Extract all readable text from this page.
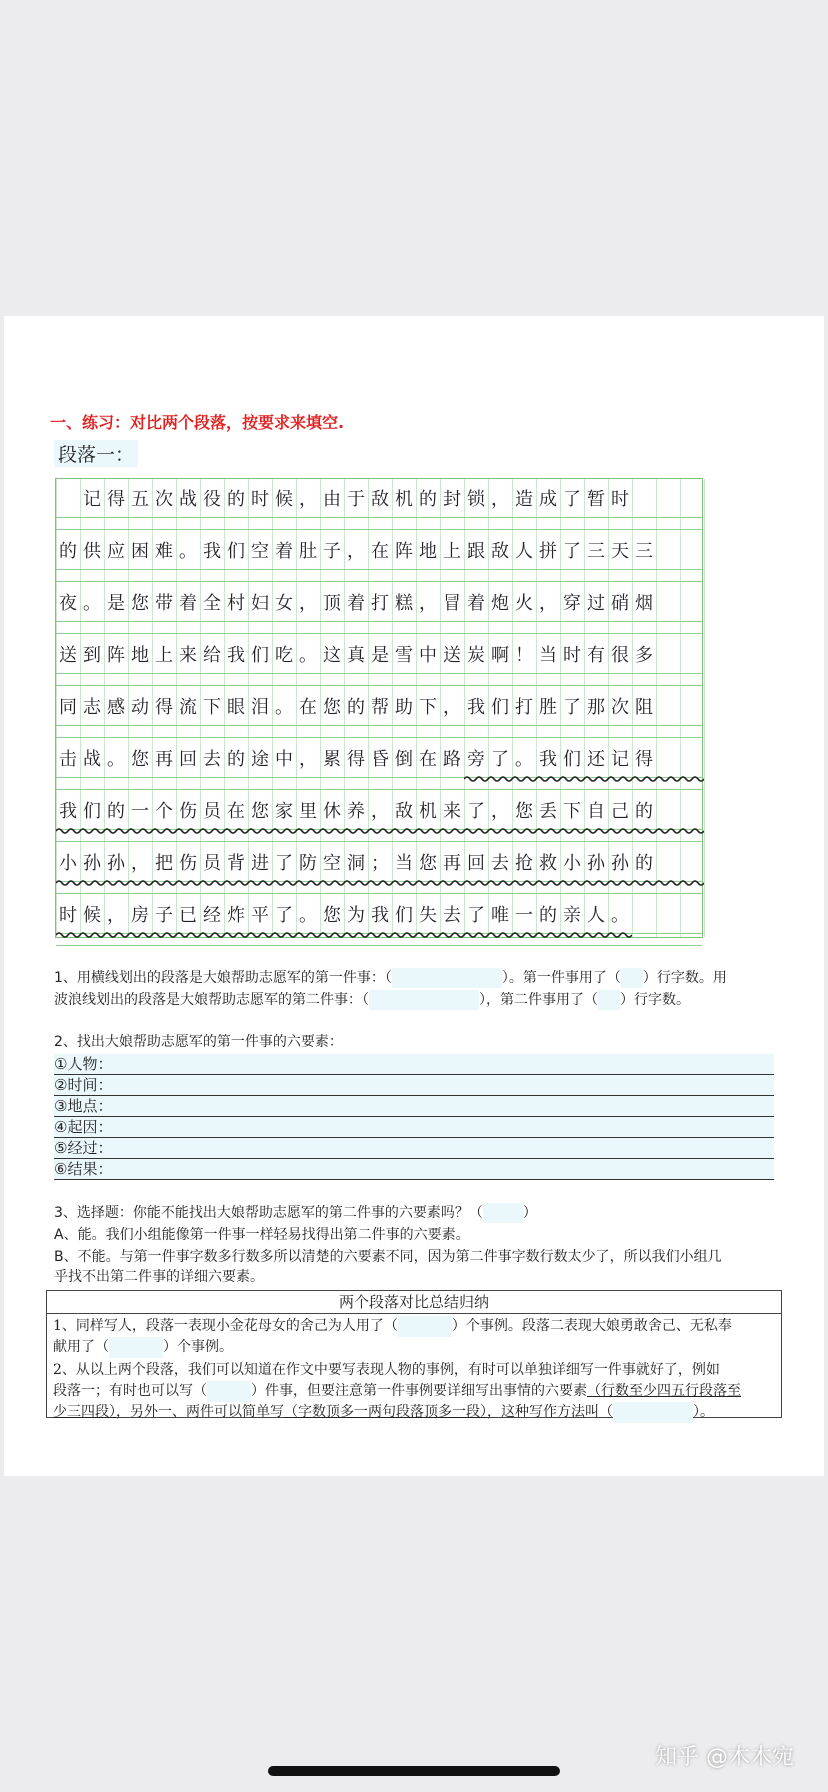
一、练习：对比两个段落，按要求来填空.
段落一：

记 得 五 次 战 役 的 时 候 ， 由 于 敌 机 的 封 锁 ， 造 成 了 暂 时
的 供 应 困 难 。 我 们 空 着 肚 子 ， 在 阵 地 上 跟 敌 人 拼 了 三 天 三
夜 。 是 您 带 着 全 村 妇 女 ， 顶 着 打 糕 ， 冒 着 炮 火 ， 穿 过 硝 烟
送 到 阵 地 上 来 给 我 们 吃 。 这 真 是 雪 中 送 炭 啊 ！ 当 时 有 很 多
同 志 感 动 得 流 下 眼 泪 。 在 您 的 帮 助 下 ， 我 们 打 胜 了 那 次 阻
击 战 。 您 再 回 去 的 途 中 ， 累 得 昏 倒 在 路 旁 了 。 我 们 还 记 得
我 们 的 一 个 伤 员 在 您 家 里 休 养 ， 敌 机 来 了 ， 您 丢 下 自 己 的
小 孙 孙 ， 把 伤 员 背 进 了 防 空 洞 ； 当 您 再 回 去 抢 救 小 孙 孙 的
时 候 ， 房 子 已 经 炸 平 了 。 您 为 我 们 失 去 了 唯 一 的 亲 人 。
1、用横线划出的段落是大娘帮助志愿军的第一件事：（	）。第一件事用了（ ）行字数。用
波浪线划出的段落是大娘帮助志愿军的第二件事：（	），第二件事用了（ ）行字数。
2、找出大娘帮助志愿军的第一件事的六要素：
①人物：
②时间：
③地点：
④起因：
⑤经过：
⑥结果：
3、选择题：你能不能找出大娘帮助志愿军的第二件事的六要素吗？（	）
A、能。我们小组能像第一件事一样轻易找得出第二件事的六要素。
B、不能。与第一件事字数多行数多所以清楚的六要素不同，因为第二件事字数行数太少了，所以我们小组几
乎找不出第二件事的详细六要素。
两个段落对比总结归纳

1、同样写人，段落一表现小金花母女的舍己为人用了（	）个事例。段落二表现大娘勇敢舍己、无私奉
献用了（	）个事例。

2、从以上两个段落，我们可以知道在作文中要写表现人物的事例，有时可以单独详细写一件事就好了，例如
段落一；有时也可以写（	）件事，但要注意第一件事例要详细写出事情的六要素（行数至少四五行段落至
少三四段），另外一、两件可以简单写（字数顶多一两句段落顶多一段），这种写作方法叫（	）。

知乎 @木木宛
